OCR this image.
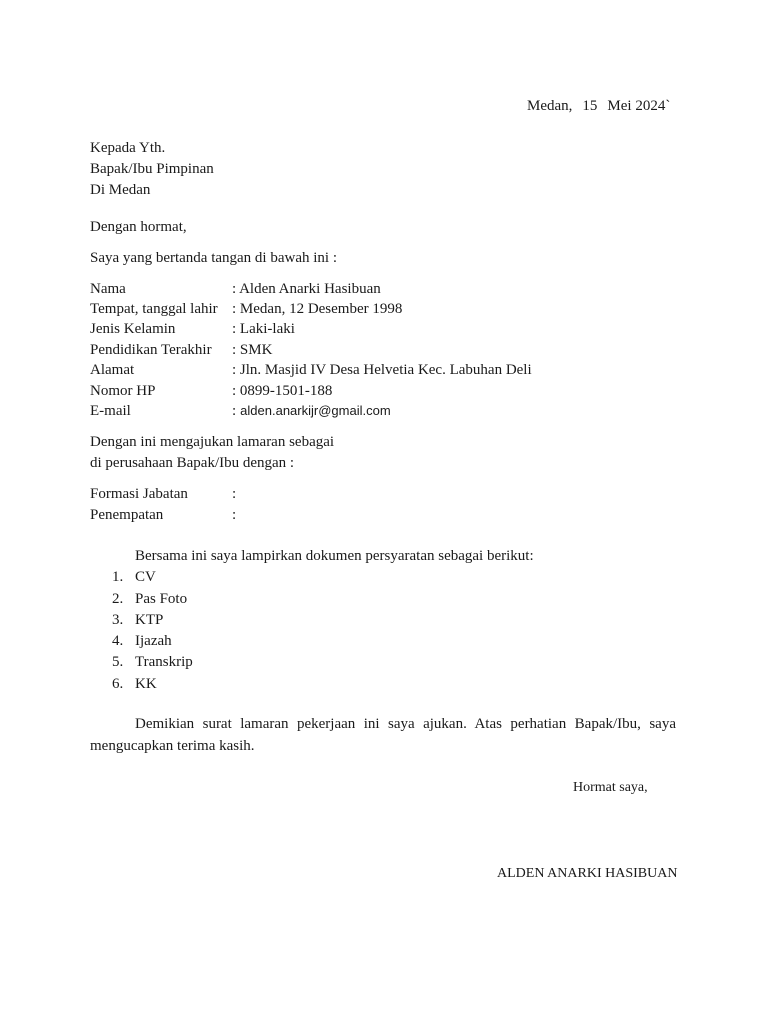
Medan, 15 Mei 2024`
Kepada Yth.
Bapak/Ibu Pimpinan
Di Medan
Dengan hormat,
Saya yang bertanda tangan di bawah ini :
Nama	: Alden Anarki Hasibuan
Tempat, tanggal lahir : Medan, 12 Desember 1998
Jenis Kelamin	: Laki-laki
Pendidikan Terakhir : SMK
Alamat	: Jln. Masjid IV Desa Helvetia Kec. Labuhan Deli
Nomor HP	: 0899-1501-188
E-mail	: alden.anarkijr@gmail.com
Dengan ini mengajukan lamaran sebagai
di perusahaan Bapak/Ibu dengan :
Formasi Jabatan	:
Penempatan	:
Bersama ini saya lampirkan dokumen persyaratan sebagai berikut:
1. CV
2. Pas Foto
3. KTP
4. Ijazah
5. Transkrip
6. KK
Demikian surat lamaran pekerjaan ini saya ajukan. Atas perhatian Bapak/Ibu, saya mengucapkan terima kasih.
Hormat saya,
ALDEN ANARKI HASIBUAN
